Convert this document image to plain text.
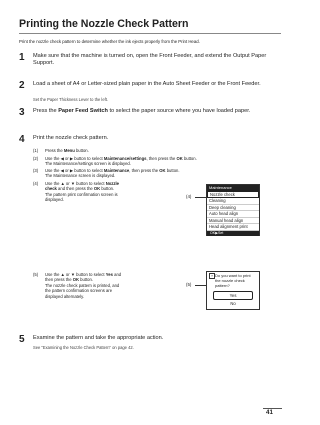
Printing the Nozzle Check Pattern
Print the nozzle check pattern to determine whether the ink ejects properly from the Print Head.
1 Make sure that the machine is turned on, open the Front Feeder, and extend the Output Paper Support.
2 Load a sheet of A4 or Letter-sized plain paper in the Auto Sheet Feeder or the Front Feeder.
Set the Paper Thickness Lever to the left.
3 Press the Paper Feed Switch to select the paper source where you have loaded paper.
4 Print the nozzle check pattern.
(1) Press the Menu button.
(2) Use the ◀ or ▶ button to select Maintenance/settings, then press the OK button.
The Maintenance/settings screen is displayed.
(3) Use the ◀ or ▶ button to select Maintenance, then press the OK button.
The Maintenance screen is displayed.
(4) Use the ▲ or ▼ button to select Nozzle check and then press the OK button.
The pattern print confirmation screen is displayed.
(5) Use the ▲ or ▼ button to select Yes and then press the OK button.
The nozzle check pattern is printed, and the pattern confirmation screens are displayed alternately.
(4)
Maintenance
Nozzle check
Cleaning
Deep cleaning
Auto head align
Manual head align
Head alignment print
OK▶Set
(5)
? Do you want to print the nozzle check pattern?
Yes
No
5 Examine the pattern and take the appropriate action.
See "Examining the Nozzle Check Pattern" on page 42.
41
